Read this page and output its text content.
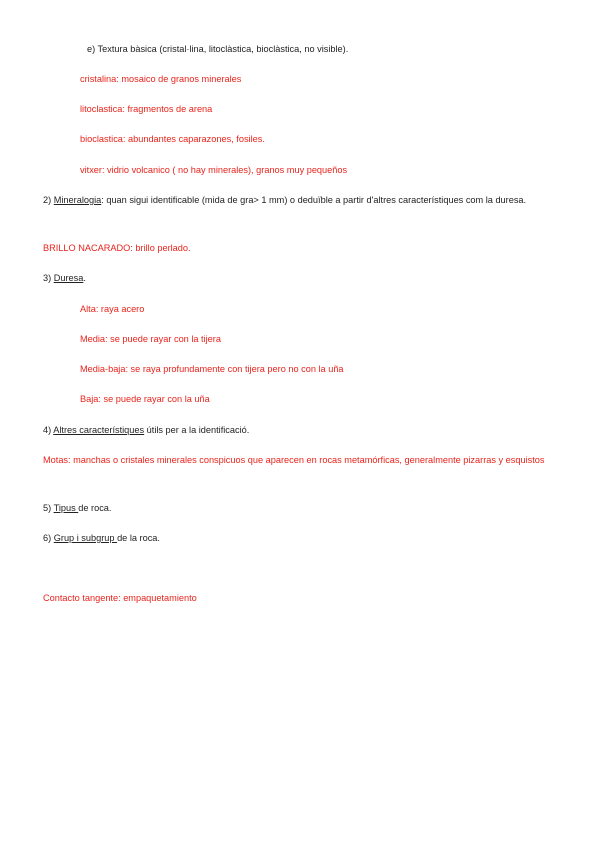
e) Textura bàsica (cristal·lina, litoclàstica, bioclàstica, no visible).
cristalina: mosaico de granos minerales
litoclastica: fragmentos de arena
bioclastica: abundantes caparazones, fosiles.
vitxer: vidrio volcanico ( no hay minerales), granos muy pequeños
2) Mineralogia: quan sigui identificable (mida de gra> 1 mm) o deduïble a partir d'altres característiques com la duresa.
BRILLO NACARADO: brillo perlado.
3) Duresa.
Alta: raya acero
Media: se puede rayar con la tijera
Media-baja: se raya profundamente con tijera pero no con la uña
Baja: se puede rayar con la uña
4) Altres característiques útils per a la identificació.
Motas: manchas o cristales minerales conspicuos que aparecen en rocas metamórficas, generalmente pizarras y esquistos
5) Tipus de roca.
6) Grup i subgrup de la roca.
Contacto tangente: empaquetamiento
